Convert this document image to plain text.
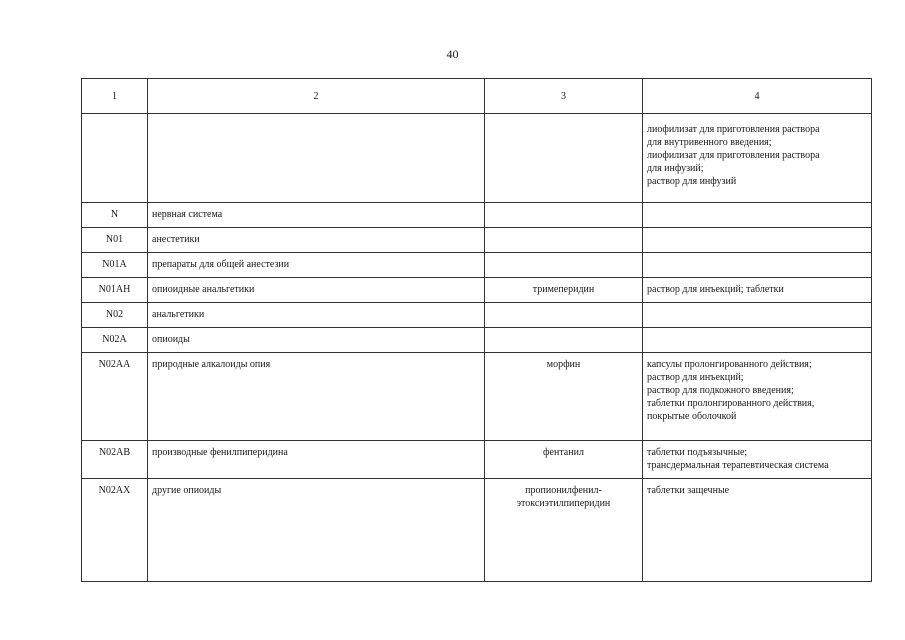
40
1	2	3	4

			лиофилизат для приготовления раствора
для внутривенного введения;
лиофилизат для приготовления раствора
для инфузий;
раствор для инфузий

N	нервная система		
N01	анестетики		
N01A	препараты для общей анестезии		
N01AH	опиоидные анальгетики	тримеперидин	раствор для инъекций; таблетки

N02	анальгетики		
N02A	опиоиды		
N02AA	природные алкалоиды опия	морфин	капсулы пролонгированного действия;
раствор для инъекций;
раствор для подкожного введения;
таблетки пролонгированного действия,
покрытые оболочкой

N02AB	производные фенилпиперидина	фентанил	таблетки подъязычные;
трансдермальная терапевтическая система

N02AX	другие опиоиды	пропионилфенил-
этоксиэтилпиперидин	таблетки защечные
